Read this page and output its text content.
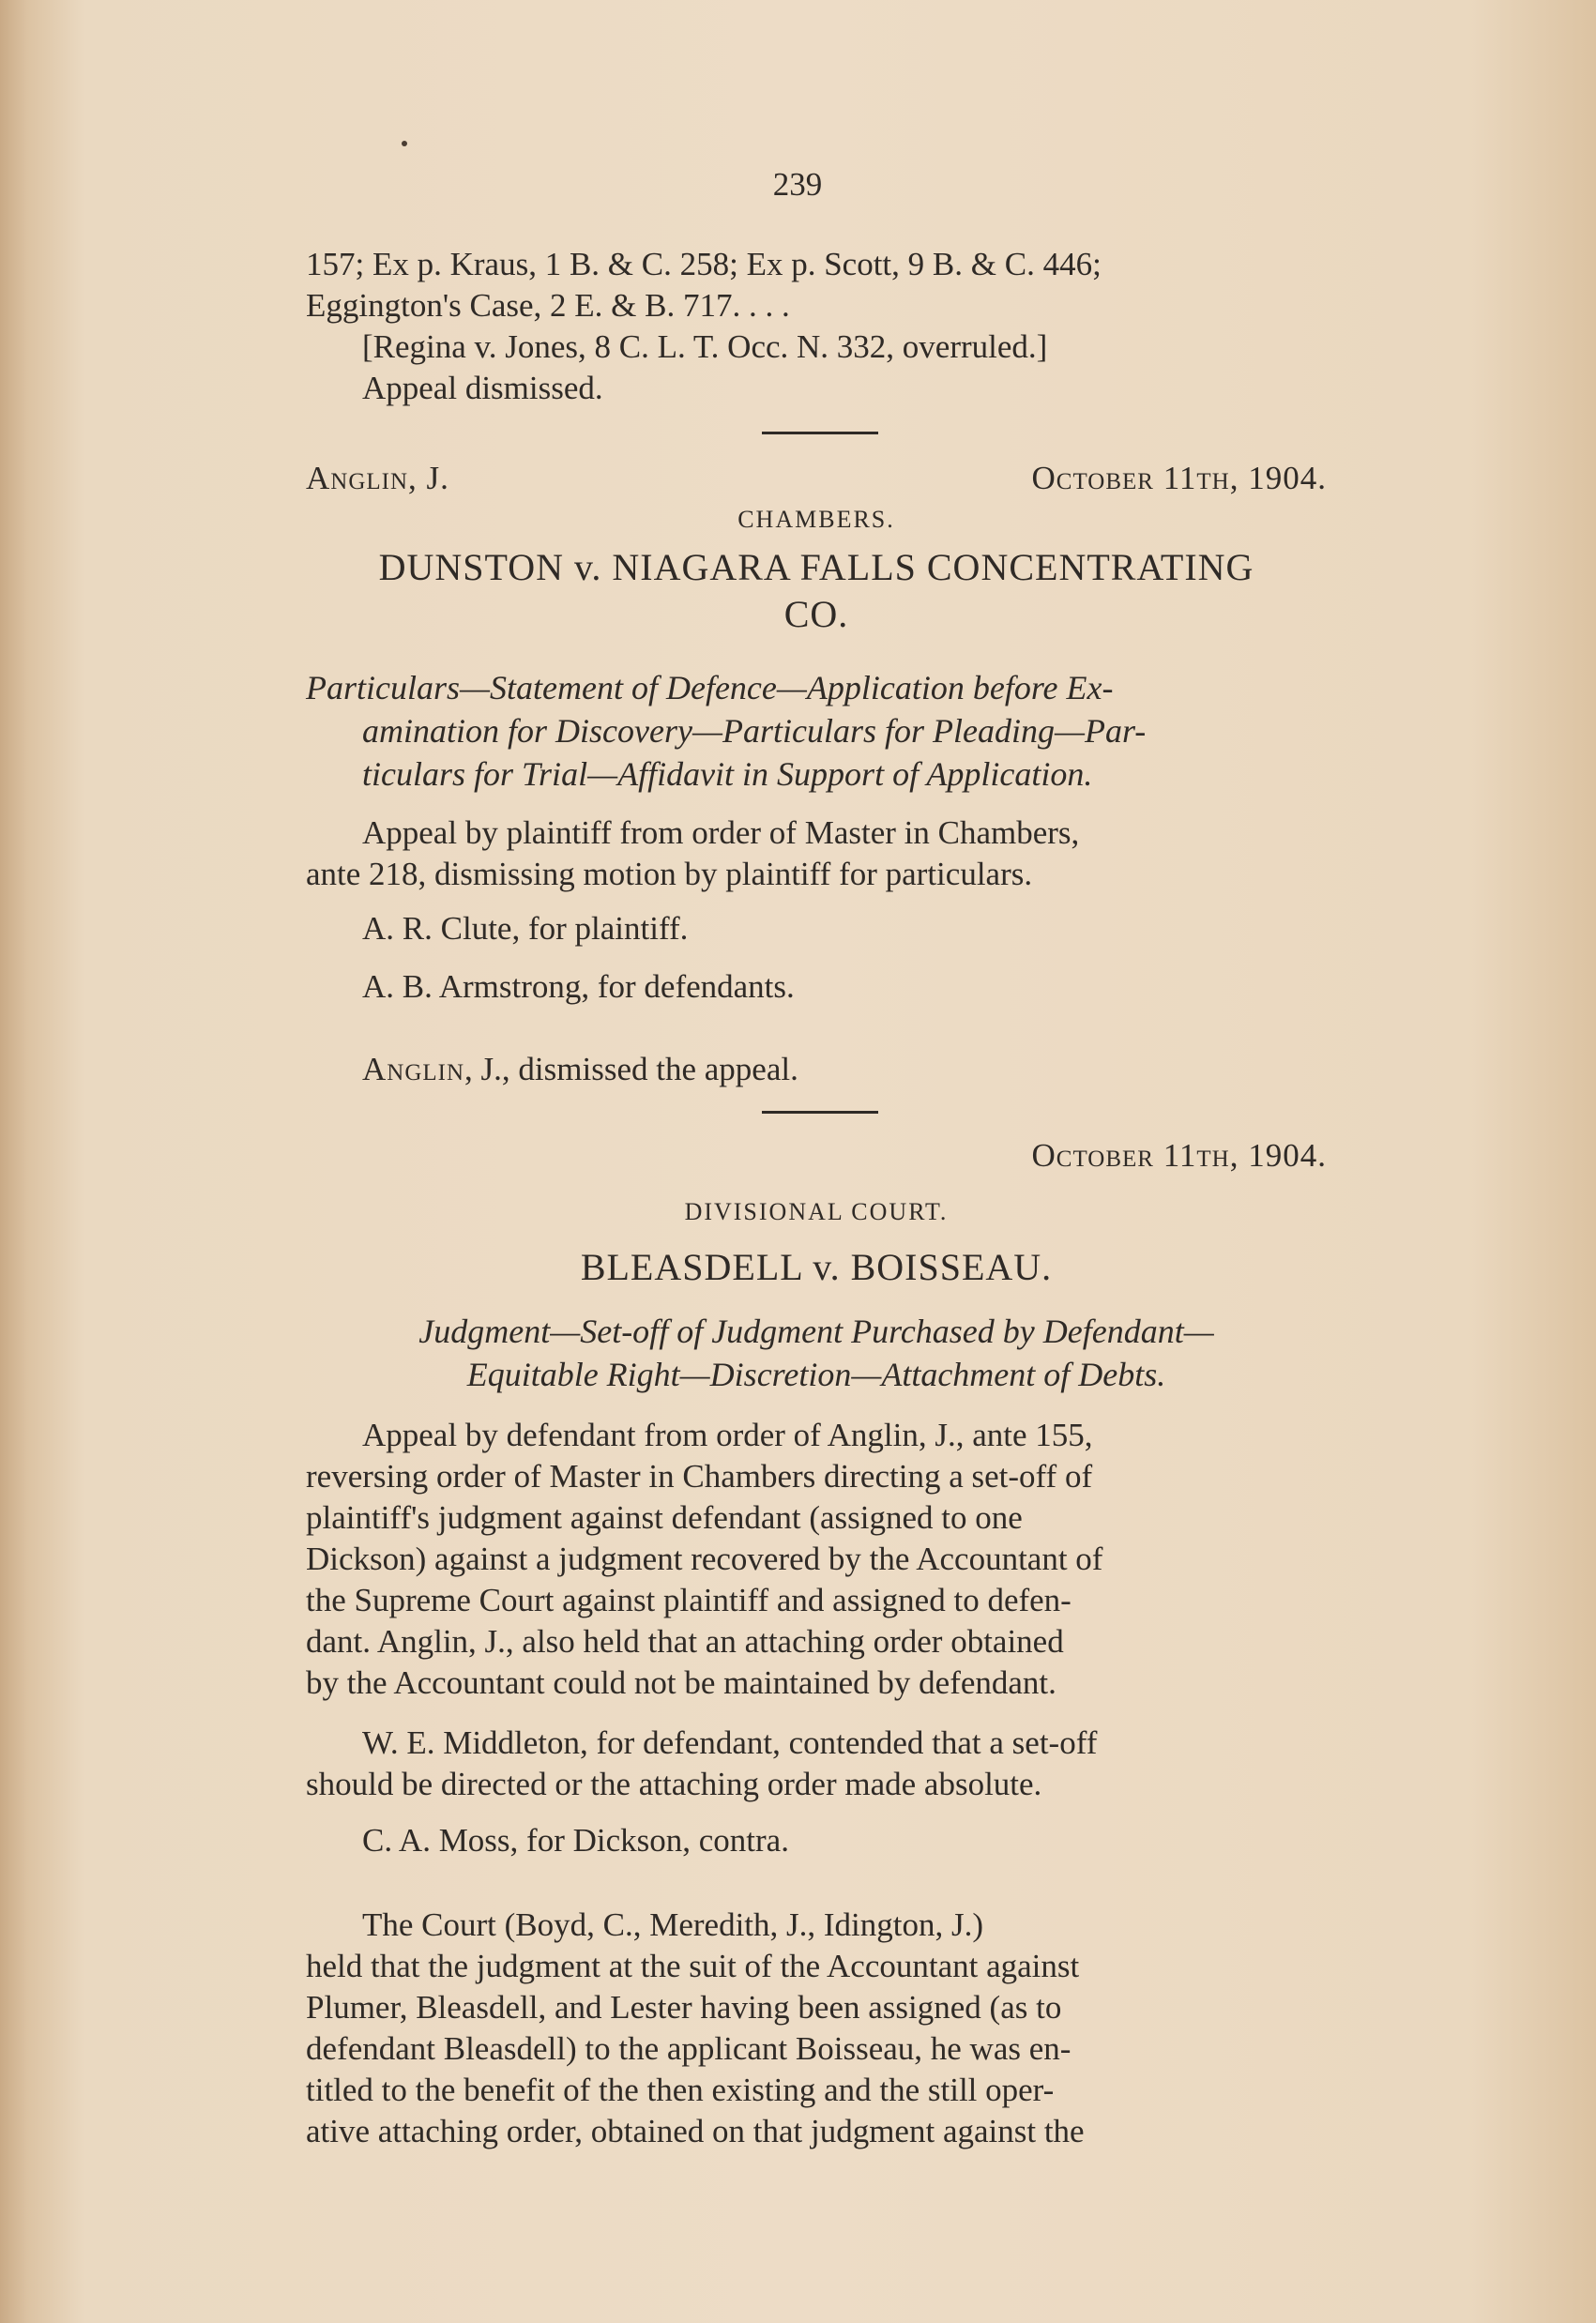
239

157; Ex p. Kraus, 1 B. & C. 258; Ex p. Scott, 9 B. & C. 446;

Eggington's Case, 2 E. & B. 717. . . .

[Regina v. Jones, 8 C. L. T. Occ. N. 332, overruled.]

Appeal dismissed.

Anglin, J.	October 11th, 1904.
CHAMBERS.

DUNSTON v. NIAGARA FALLS CONCENTRATING

CO.

Particulars—Statement of Defence—Application before Ex-

amination for Discovery—Particulars for Pleading—Par-

ticulars for Trial—Affidavit in Support of Application.

Appeal by plaintiff from order of Master in Chambers,

ante 218, dismissing motion by plaintiff for particulars.

A. R. Clute, for plaintiff.
A. B. Armstrong, for defendants.
Anglin, J., dismissed the appeal.
October 11th, 1904.
DIVISIONAL COURT.
BLEASDELL v. BOISSEAU.

Judgment—Set-off of Judgment Purchased by Defendant—

Equitable Right—Discretion—Attachment of Debts.

Appeal by defendant from order of Anglin, J., ante 155,

reversing order of Master in Chambers directing a set-off of

plaintiff's judgment against defendant (assigned to one

Dickson) against a judgment recovered by the Accountant of

the Supreme Court against plaintiff and assigned to defen-

dant. Anglin, J., also held that an attaching order obtained

by the Accountant could not be maintained by defendant.

W. E. Middleton, for defendant, contended that a set-off

should be directed or the attaching order made absolute.

C. A. Moss, for Dickson, contra.

The Court (Boyd, C., Meredith, J., Idington, J.)

held that the judgment at the suit of the Accountant against

Plumer, Bleasdell, and Lester having been assigned (as to

defendant Bleasdell) to the applicant Boisseau, he was en-

titled to the benefit of the then existing and the still oper-

ative attaching order, obtained on that judgment against the
